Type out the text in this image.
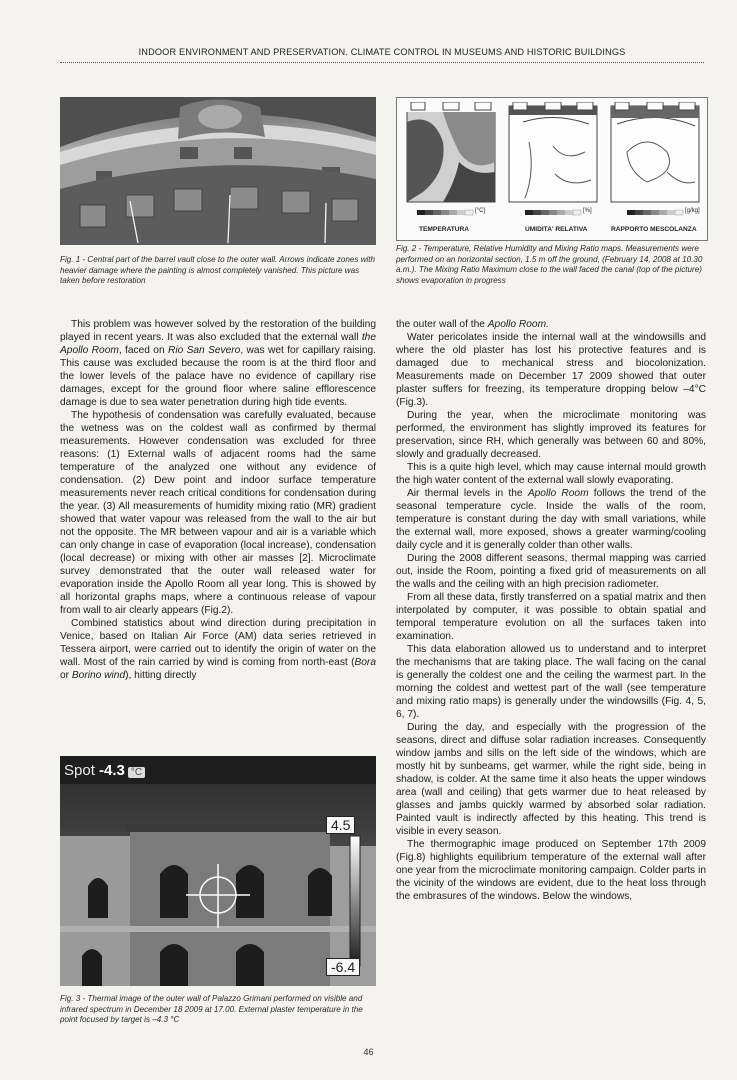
INDOOR ENVIRONMENT AND PRESERVATION. CLIMATE CONTROL IN MUSEUMS AND HISTORIC BUILDINGS
Fig. 1 - Central part of the barrel vault close to the outer wall. Arrows indicate zones with heavier damage where the painting is almost completely vanished. This picture was taken before restoration
[°C]	[%]	[g/kg]
TEMPERATURA	UMIDITA' RELATIVA	RAPPORTO MESCOLANZA
Fig. 2 - Temperature, Relative Humidity and Mixing Ratio maps. Measurements were performed on an horizontal section, 1.5 m off the ground, (February 14, 2008 at 10.30 a.m.). The Mixing Ratio Maximum close to the wall faced the canal (top of the picture) shows evaporation in progress

This problem was however solved by the restoration of the building played in recent years. It was also excluded that the external wall the Apollo Room, faced on Rio San Severo, was wet for capillary raising. This cause was excluded because the room is at the third floor and the lower levels of the palace have no evidence of capillary rise damages, except for the ground floor where saline efflorescence damage is due to sea water penetration during high tide events.

The hypothesis of condensation was carefully evaluated, because the wetness was on the coldest wall as confirmed by thermal measurements. However condensation was excluded for three reasons: (1) External walls of adjacent rooms had the same temperature of the analyzed one without any evidence of condensation. (2) Dew point and indoor surface temperature measurements never reach critical conditions for condensation during the year. (3) All measurements of humidity mixing ratio (MR) gradient showed that water vapour was released from the wall to the air but not the opposite. The MR between vapour and air is a variable which can only change in case of evaporation (local increase), condensation (local decrease) or mixing with other air masses [2]. Microclimate survey demonstrated that the outer wall released water for evaporation inside the Apollo Room all year long. This is showed by all horizontal graphs maps, where a continuous release of vapour from wall to air clearly appears (Fig.2).

Combined statistics about wind direction during precipitation in Venice, based on Italian Air Force (AM) data series retrieved in Tessera airport, were carried out to identify the origin of water on the wall. Most of the rain carried by wind is coming from north-east (Bora or Borino wind), hitting directly

Spot -4.3 °C
4.5
-6.4
Fig. 3 - Thermal image of the outer wall of Palazzo Grimani performed on visible and infrared spectrum in December 18 2009 at 17.00. External plaster temperature in the point focused by target is –4.3 °C

the outer wall of the Apollo Room.

Water pericolates inside the internal wall at the windowsills and where the old plaster has lost his protective features and is damaged due to mechanical stress and biocolonization. Measurements made on December 17 2009 showed that outer plaster suffers for freezing, its temperature dropping below –4°C (Fig.3).

During the year, when the microclimate monitoring was performed, the environment has slightly improved its features for preservation, since RH, which generally was between 60 and 80%, slowly and gradually decreased.

This is a quite high level, which may cause internal mould growth the high water content of the external wall slowly evaporating.

Air thermal levels in the Apollo Room follows the trend of the seasonal temperature cycle. Inside the walls of the room, temperature is constant during the day with small variations, while the external wall, more exposed, shows a greater warming/cooling daily cycle and it is generally colder than other walls.

During the 2008 different seasons, thermal mapping was carried out, inside the Room, pointing a fixed grid of measurements on all the walls and the ceiling with an high precision radiometer.

From all these data, firstly transferred on a spatial matrix and then interpolated by computer, it was possible to obtain spatial and temporal temperature evolution on all the surfaces taken into examination.

This data elaboration allowed us to understand and to interpret the mechanisms that are taking place. The wall facing on the canal is generally the coldest one and the ceiling the warmest part. In the morning the coldest and wettest part of the wall (see temperature and mixing ratio maps) is generally under the windowsills (Fig. 4, 5, 6, 7).

During the day, and especially with the progression of the seasons, direct and diffuse solar radiation increases. Consequently window jambs and sills on the left side of the windows, which are mostly hit by sunbeams, get warmer, while the right side, being in shadow, is colder. At the same time it also heats the upper windows area (wall and ceiling) that gets warmer due to heat released by glasses and jambs quickly warmed by absorbed solar radiation. Painted vault is indirectly affected by this heating. This trend is visible in every season.

The thermographic image produced on September 17th 2009 (Fig.8) highlights equilibrium temperature of the external wall after one year from the microclimate monitoring campaign. Colder parts in the vicinity of the windows are evident, due to the heat loss through the embrasures of the windows. Below the windows,

46
